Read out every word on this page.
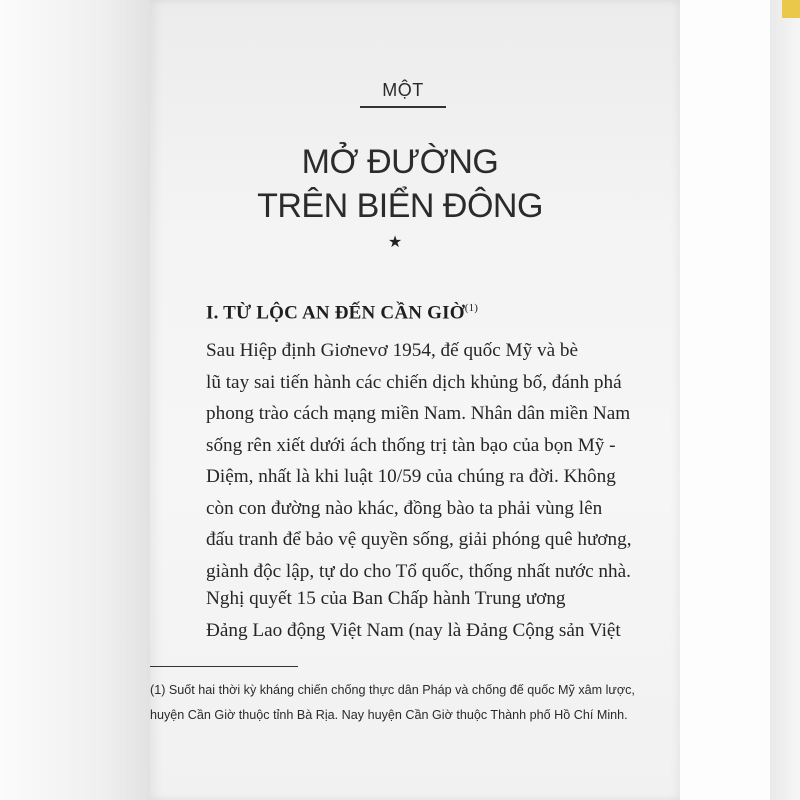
MỘT
MỞ ĐƯỜNG
TRÊN BIỂN ĐÔNG
★
I. TỪ LỘC AN ĐẾN CẦN GIỜ$^{(1)}$
Sau Hiệp định Giơnevơ 1954, đế quốc Mỹ và bè
lũ tay sai tiến hành các chiến dịch khủng bố, đánh phá
phong trào cách mạng miền Nam. Nhân dân miền Nam
sống rên xiết dưới ách thống trị tàn bạo của bọn Mỹ -
Diệm, nhất là khi luật 10/59 của chúng ra đời. Không
còn con đường nào khác, đồng bào ta phải vùng lên
đấu tranh để bảo vệ quyền sống, giải phóng quê hương,
giành độc lập, tự do cho Tổ quốc, thống nhất nước nhà.
Nghị quyết 15 của Ban Chấp hành Trung ương
Đảng Lao động Việt Nam (nay là Đảng Cộng sản Việt
(1) Suốt hai thời kỳ kháng chiến chống thực dân Pháp và chống đế quốc Mỹ xâm lược,
huyện Cần Giờ thuộc tỉnh Bà Rịa. Nay huyện Cần Giờ thuộc Thành phố Hồ Chí Minh.
